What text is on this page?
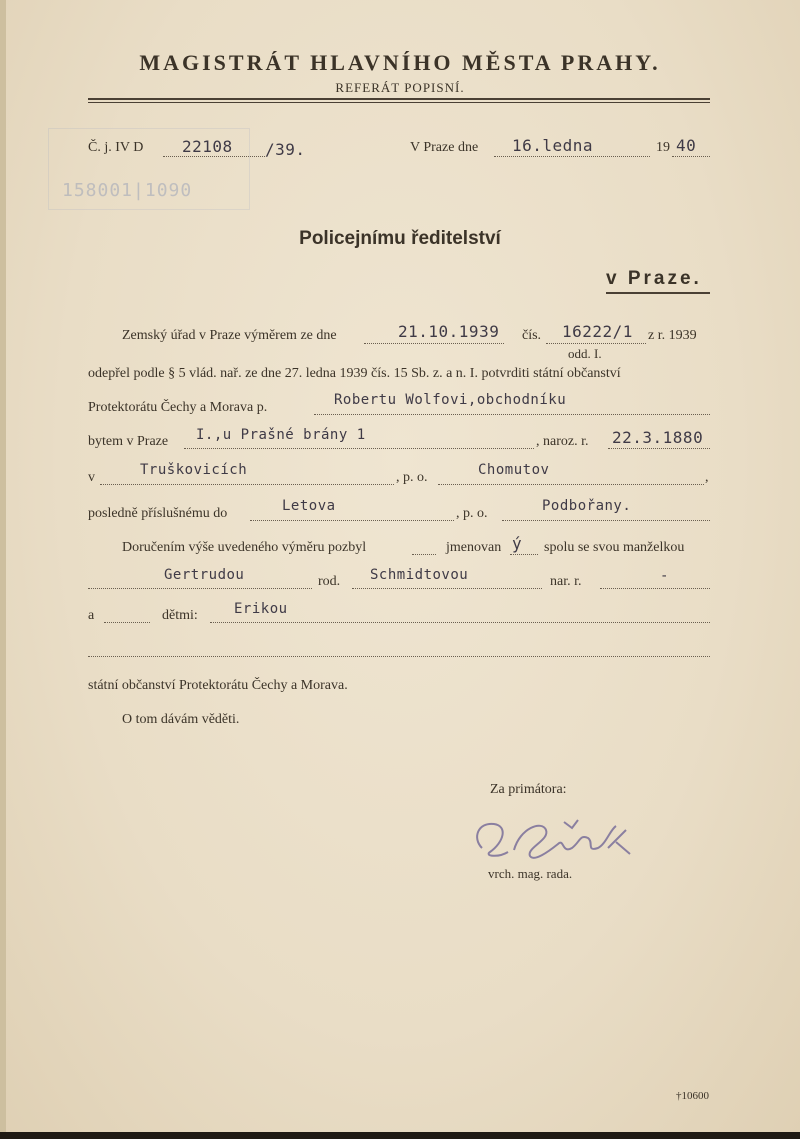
158001|1090
MAGISTRÁT HLAVNÍHO MĚSTA PRAHY.
REFERÁT POPISNÍ.
Č. j. IV D 22108 /39.	V Praze dne 16.ledna	19 40
Policejnímu ředitelství
v Praze.
Zemský úřad v Praze výměrem ze dne	21.10.1939 čís. 16222/1 z r. 1939
odd. I.
odepřel podle § 5 vlád. nař. ze dne 27. ledna 1939 čís. 15 Sb. z. a n. I. potvrditi státní občanství
Protektorátu Čechy a Morava p.	Robertu Wolfovi,obchodníku
bytem v Praze I.,u Prašné brány 1	, naroz. r. 22.3.1880
v	Truškovicích	, p. o.	Chomutov	,
posledně příslušnému do	Letova	, p. o.	Podbořany.
Doručením výše uvedeného výměru pozbyl	jmenovan ý spolu se svou manželkou
Gertrudou	rod. Schmidtovou	nar. r.	-
a	dětmi:	Erikou
státní občanství Protektorátu Čechy a Morava.
O tom dávám věděti.
Za primátora:
vrch. mag. rada.
†10600
